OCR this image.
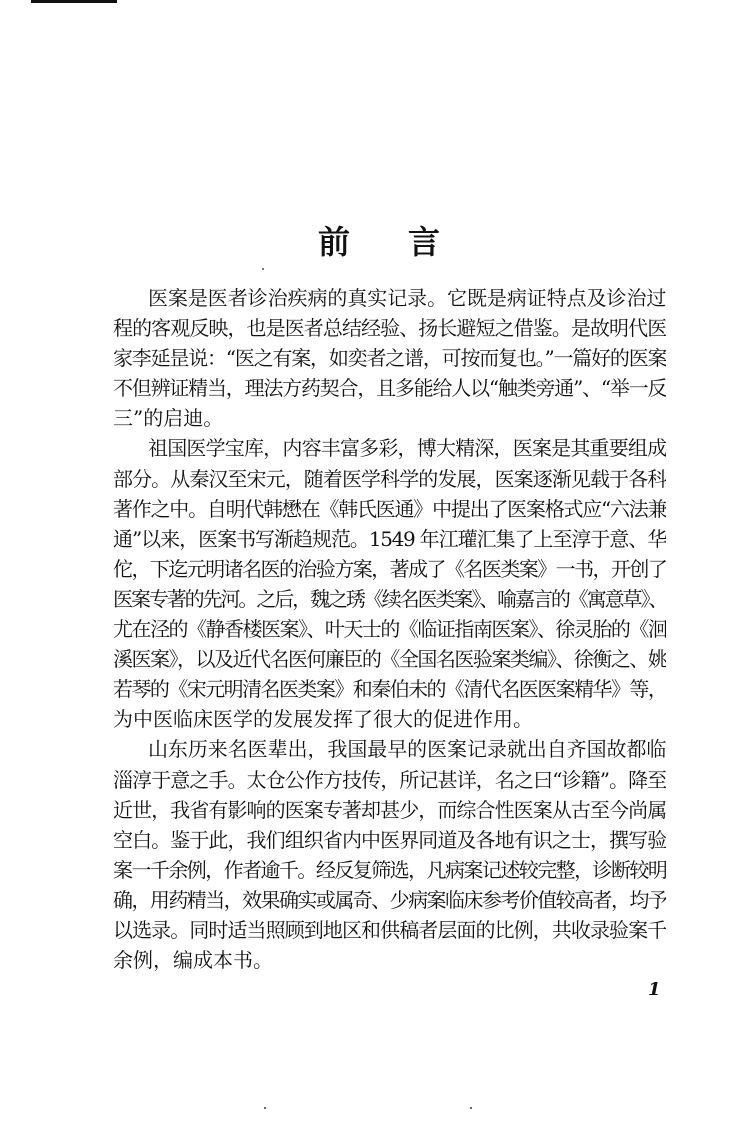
前 言
医案是医者诊治疾病的真实记录。它既是病证特点及诊治过
程的客观反映，也是医者总结经验、扬长避短之借鉴。是故明代医
家李延昰说：“医之有案，如奕者之谱，可按而复也。”一篇好的医案
不但辨证精当，理法方药契合，且多能给人以“触类旁通”、“举一反
三”的启迪。
祖国医学宝库，内容丰富多彩，博大精深，医案是其重要组成
部分。从秦汉至宋元，随着医学科学的发展，医案逐渐见载于各科
著作之中。自明代韩懋在《韩氏医通》中提出了医案格式应“六法兼
通”以来，医案书写渐趋规范。1549 年江瓘汇集了上至淳于意、华
佗，下迄元明诸名医的治验方案，著成了《名医类案》一书，开创了
医案专著的先河。之后，魏之琇《续名医类案》、喻嘉言的《寓意草》、
尤在泾的《静香楼医案》、叶天士的《临证指南医案》、徐灵胎的《洄
溪医案》，以及近代名医何廉臣的《全国名医验案类编》、徐衡之、姚
若琴的《宋元明清名医类案》和秦伯未的《清代名医医案精华》等，
为中医临床医学的发展发挥了很大的促进作用。
山东历来名医辈出，我国最早的医案记录就出自齐国故都临
淄淳于意之手。太仓公作方技传，所记甚详，名之曰“诊籍”。降至
近世，我省有影响的医案专著却甚少，而综合性医案从古至今尚属
空白。鉴于此，我们组织省内中医界同道及各地有识之士，撰写验
案一千余例，作者逾千。经反复筛选，凡病案记述较完整，诊断较明
确，用药精当，效果确实或属奇、少病案临床参考价值较高者，均予
以选录。同时适当照顾到地区和供稿者层面的比例，共收录验案千
余例，编成本书。
1
